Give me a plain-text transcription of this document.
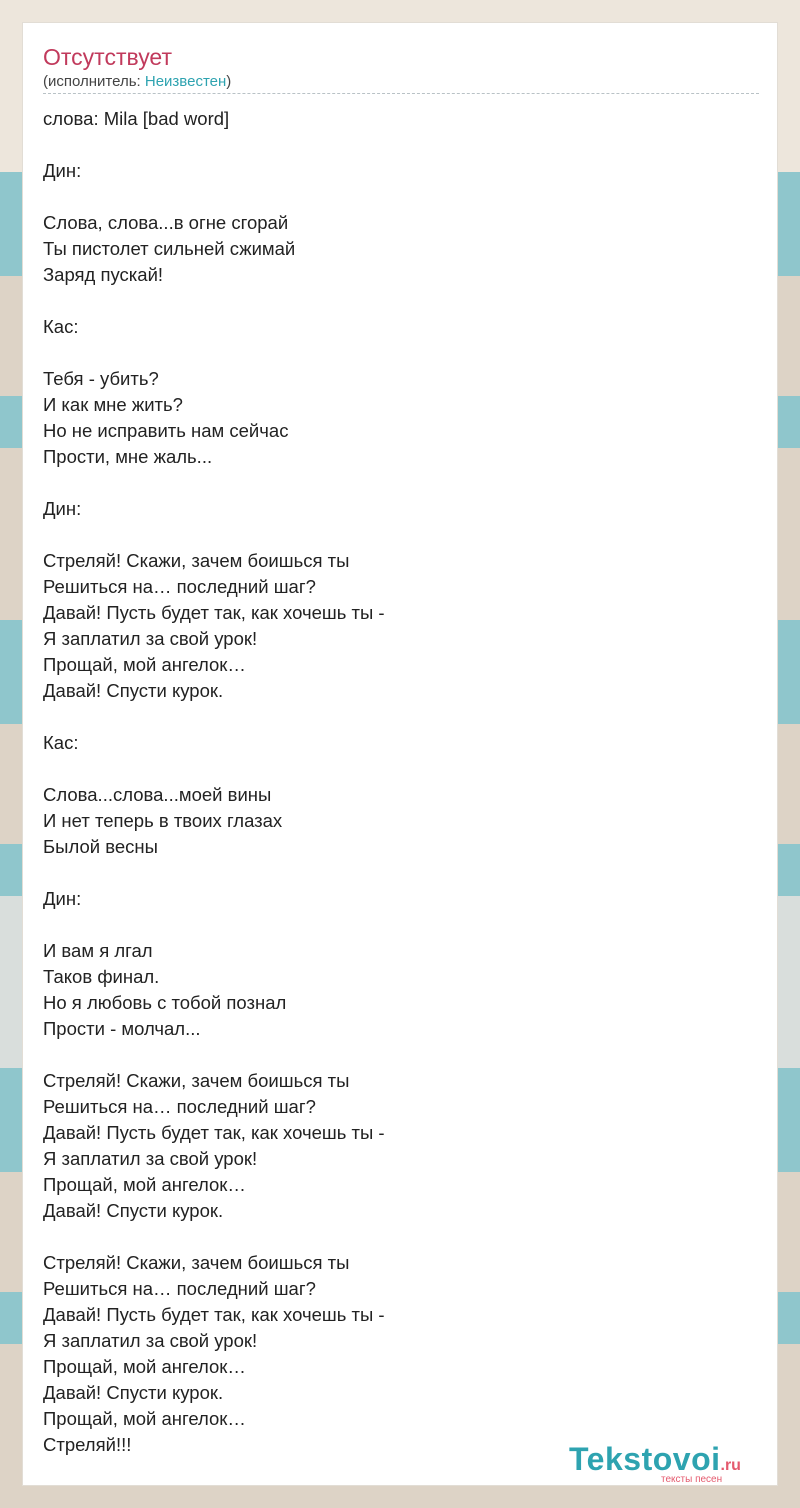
Отсутствует
(исполнитель: Неизвестен)
слова: Mila [bad word]
Дин:
Слова, слова...в огне сгорай
Ты пистолет сильней сжимай
Заряд пускай!
Кас:
Тебя - убить?
И как мне жить?
Но не исправить нам сейчас
Прости, мне жаль...
Дин:
Стреляй! Скажи, зачем боишься ты
Решиться на… последний шаг?
Давай! Пусть будет так, как хочешь ты -
Я заплатил за свой урок!
Прощай, мой ангелок…
Давай! Спусти курок.
Кас:
Слова...слова...моей вины
И нет теперь в твоих глазах
Былой весны
Дин:
И вам я лгал
Таков финал.
Но я любовь с тобой познал
Прости - молчал...
Стреляй! Скажи, зачем боишься ты
Решиться на… последний шаг?
Давай! Пусть будет так, как хочешь ты -
Я заплатил за свой урок!
Прощай, мой ангелок…
Давай! Спусти курок.
Стреляй! Скажи, зачем боишься ты
Решиться на… последний шаг?
Давай! Пусть будет так, как хочешь ты -
Я заплатил за свой урок!
Прощай, мой ангелок…
Давай! Спусти курок.
Прощай, мой ангелок…
Стреляй!!!	Tekstovoi.ru
тексты песен
